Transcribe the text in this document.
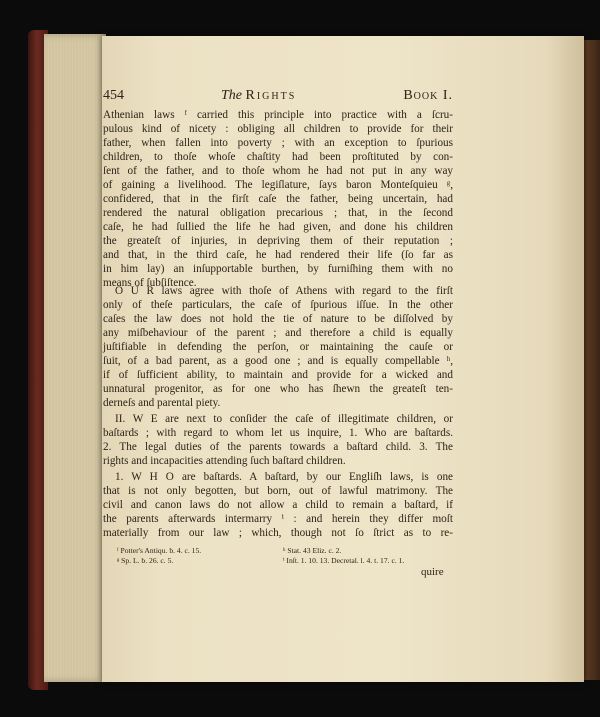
454	The Rights	Book I.
Athenian laws ᶠ carried this principle into practice with a ſcru-
pulous kind of nicety : obliging all children to provide for their
father, when fallen into poverty ; with an exception to ſpurious
children, to thoſe whoſe chaſtity had been proſtituted by con-
ſent of the father, and to thoſe whom he had not put in any way
of gaining a livelihood. The legiſlature, ſays baron Monteſquieu ᵍ,
confidered, that in the firſt caſe the father, being uncertain, had
rendered the natural obligation precarious ; that, in the ſecond
caſe, he had ſullied the life he had given, and done his children
the greateſt of injuries, in depriving them of their reputation ;
and that, in the third caſe, he had rendered their life (ſo far as
in him lay) an inſupportable burthen, by furniſhing them with no
means of ſubſiſtence.
O U R laws agree with thoſe of Athens with regard to the firſt
only of theſe particulars, the caſe of ſpurious iſſue. In the other
caſes the law does not hold the tie of nature to be diſſolved by
any miſbehaviour of the parent ; and therefore a child is equally
juſtifiable in defending the perſon, or maintaining the cauſe or
ſuit, of a bad parent, as a good one ; and is equally compellable ʰ,
if of ſufficient ability, to maintain and provide for a wicked and
unnatural progenitor, as for one who has ſhewn the greateſt ten-
derneſs and parental piety.
II. W E are next to conſider the caſe of illegitimate children, or
baſtards ; with regard to whom let us inquire, 1. Who are baſtards.
2. The legal duties of the parents towards a baſtard child. 3. The
rights and incapacities attending ſuch baſtard children.
1. W H O are baſtards. A baſtard, by our Engliſh laws, is one
that is not only begotten, but born, out of lawful matrimony. The
civil and canon laws do not allow a child to remain a baſtard, if
the parents afterwards intermarry ⁱ : and herein they differ moſt
materially from our law ; which, though not ſo ſtrict as to re-
ᶠ Potter's Antiqu. b. 4. c. 15.
ᵍ Sp. L. b. 26. c. 5.
ʰ Stat. 43 Eliz. c. 2.
ⁱ Inſt. 1. 10. 13. Decretal. l. 4. t. 17. c. 1.
quire
